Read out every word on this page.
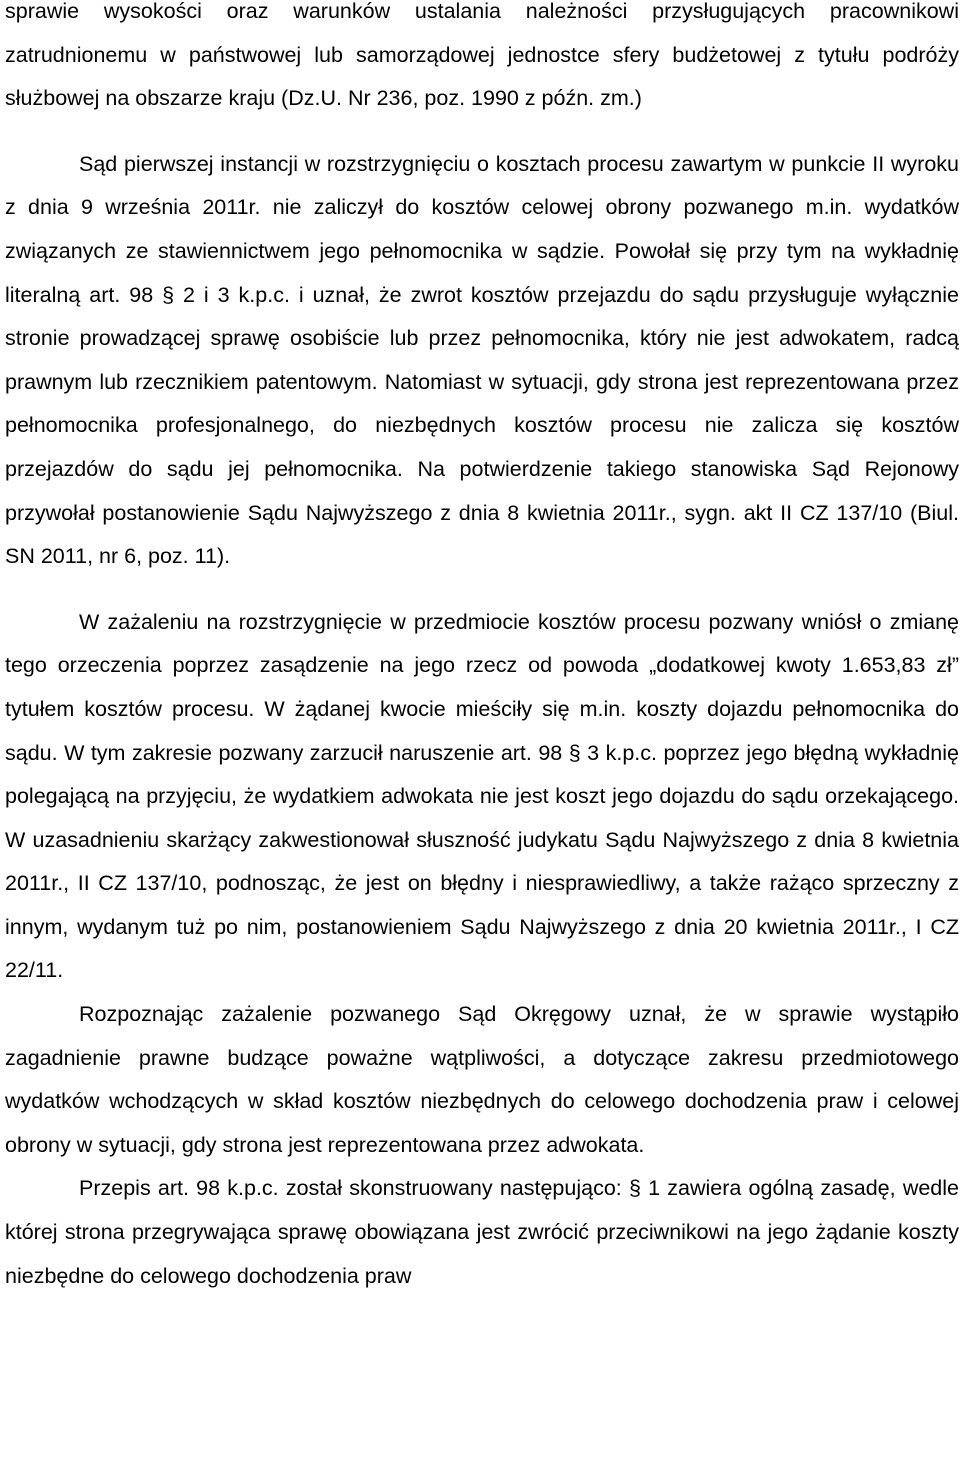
sprawie wysokości oraz warunków ustalania należności przysługujących pracownikowi zatrudnionemu w państwowej lub samorządowej jednostce sfery budżetowej z tytułu podróży służbowej na obszarze kraju (Dz.U. Nr 236, poz. 1990 z późn. zm.)

Sąd pierwszej instancji w rozstrzygnięciu o kosztach procesu zawartym w punkcie II wyroku z dnia 9 września 2011r. nie zaliczył do kosztów celowej obrony pozwanego m.in. wydatków związanych ze stawiennictwem jego pełnomocnika w sądzie. Powołał się przy tym na wykładnię literalną art. 98 § 2 i 3 k.p.c. i uznał, że zwrot kosztów przejazdu do sądu przysługuje wyłącznie stronie prowadzącej sprawę osobiście lub przez pełnomocnika, który nie jest adwokatem, radcą prawnym lub rzecznikiem patentowym. Natomiast w sytuacji, gdy strona jest reprezentowana przez pełnomocnika profesjonalnego, do niezbędnych kosztów procesu nie zalicza się kosztów przejazdów do sądu jej pełnomocnika. Na potwierdzenie takiego stanowiska Sąd Rejonowy przywołał postanowienie Sądu Najwyższego z dnia 8 kwietnia 2011r., sygn. akt II CZ 137/10 (Biul. SN 2011, nr 6, poz. 11).

W zażaleniu na rozstrzygnięcie w przedmiocie kosztów procesu pozwany wniósł o zmianę tego orzeczenia poprzez zasądzenie na jego rzecz od powoda „dodatkowej kwoty 1.653,83 zł” tytułem kosztów procesu. W żądanej kwocie mieściły się m.in. koszty dojazdu pełnomocnika do sądu. W tym zakresie pozwany zarzucił naruszenie art. 98 § 3 k.p.c. poprzez jego błędną wykładnię polegającą na przyjęciu, że wydatkiem adwokata nie jest koszt jego dojazdu do sądu orzekającego. W uzasadnieniu skarżący zakwestionował słuszność judykatu Sądu Najwyższego z dnia 8 kwietnia 2011r., II CZ 137/10, podnosząc, że jest on błędny i niesprawiedliwy, a także rażąco sprzeczny z innym, wydanym tuż po nim, postanowieniem Sądu Najwyższego z dnia 20 kwietnia 2011r., I CZ 22/11.

Rozpoznając zażalenie pozwanego Sąd Okręgowy uznał, że w sprawie wystąpiło zagadnienie prawne budzące poważne wątpliwości, a dotyczące zakresu przedmiotowego wydatków wchodzących w skład kosztów niezbędnych do celowego dochodzenia praw i celowej obrony w sytuacji, gdy strona jest reprezentowana przez adwokata.

Przepis art. 98 k.p.c. został skonstruowany następująco: § 1 zawiera ogólną zasadę, wedle której strona przegrywająca sprawę obowiązana jest zwrócić przeciwnikowi na jego żądanie koszty niezbędne do celowego dochodzenia praw
